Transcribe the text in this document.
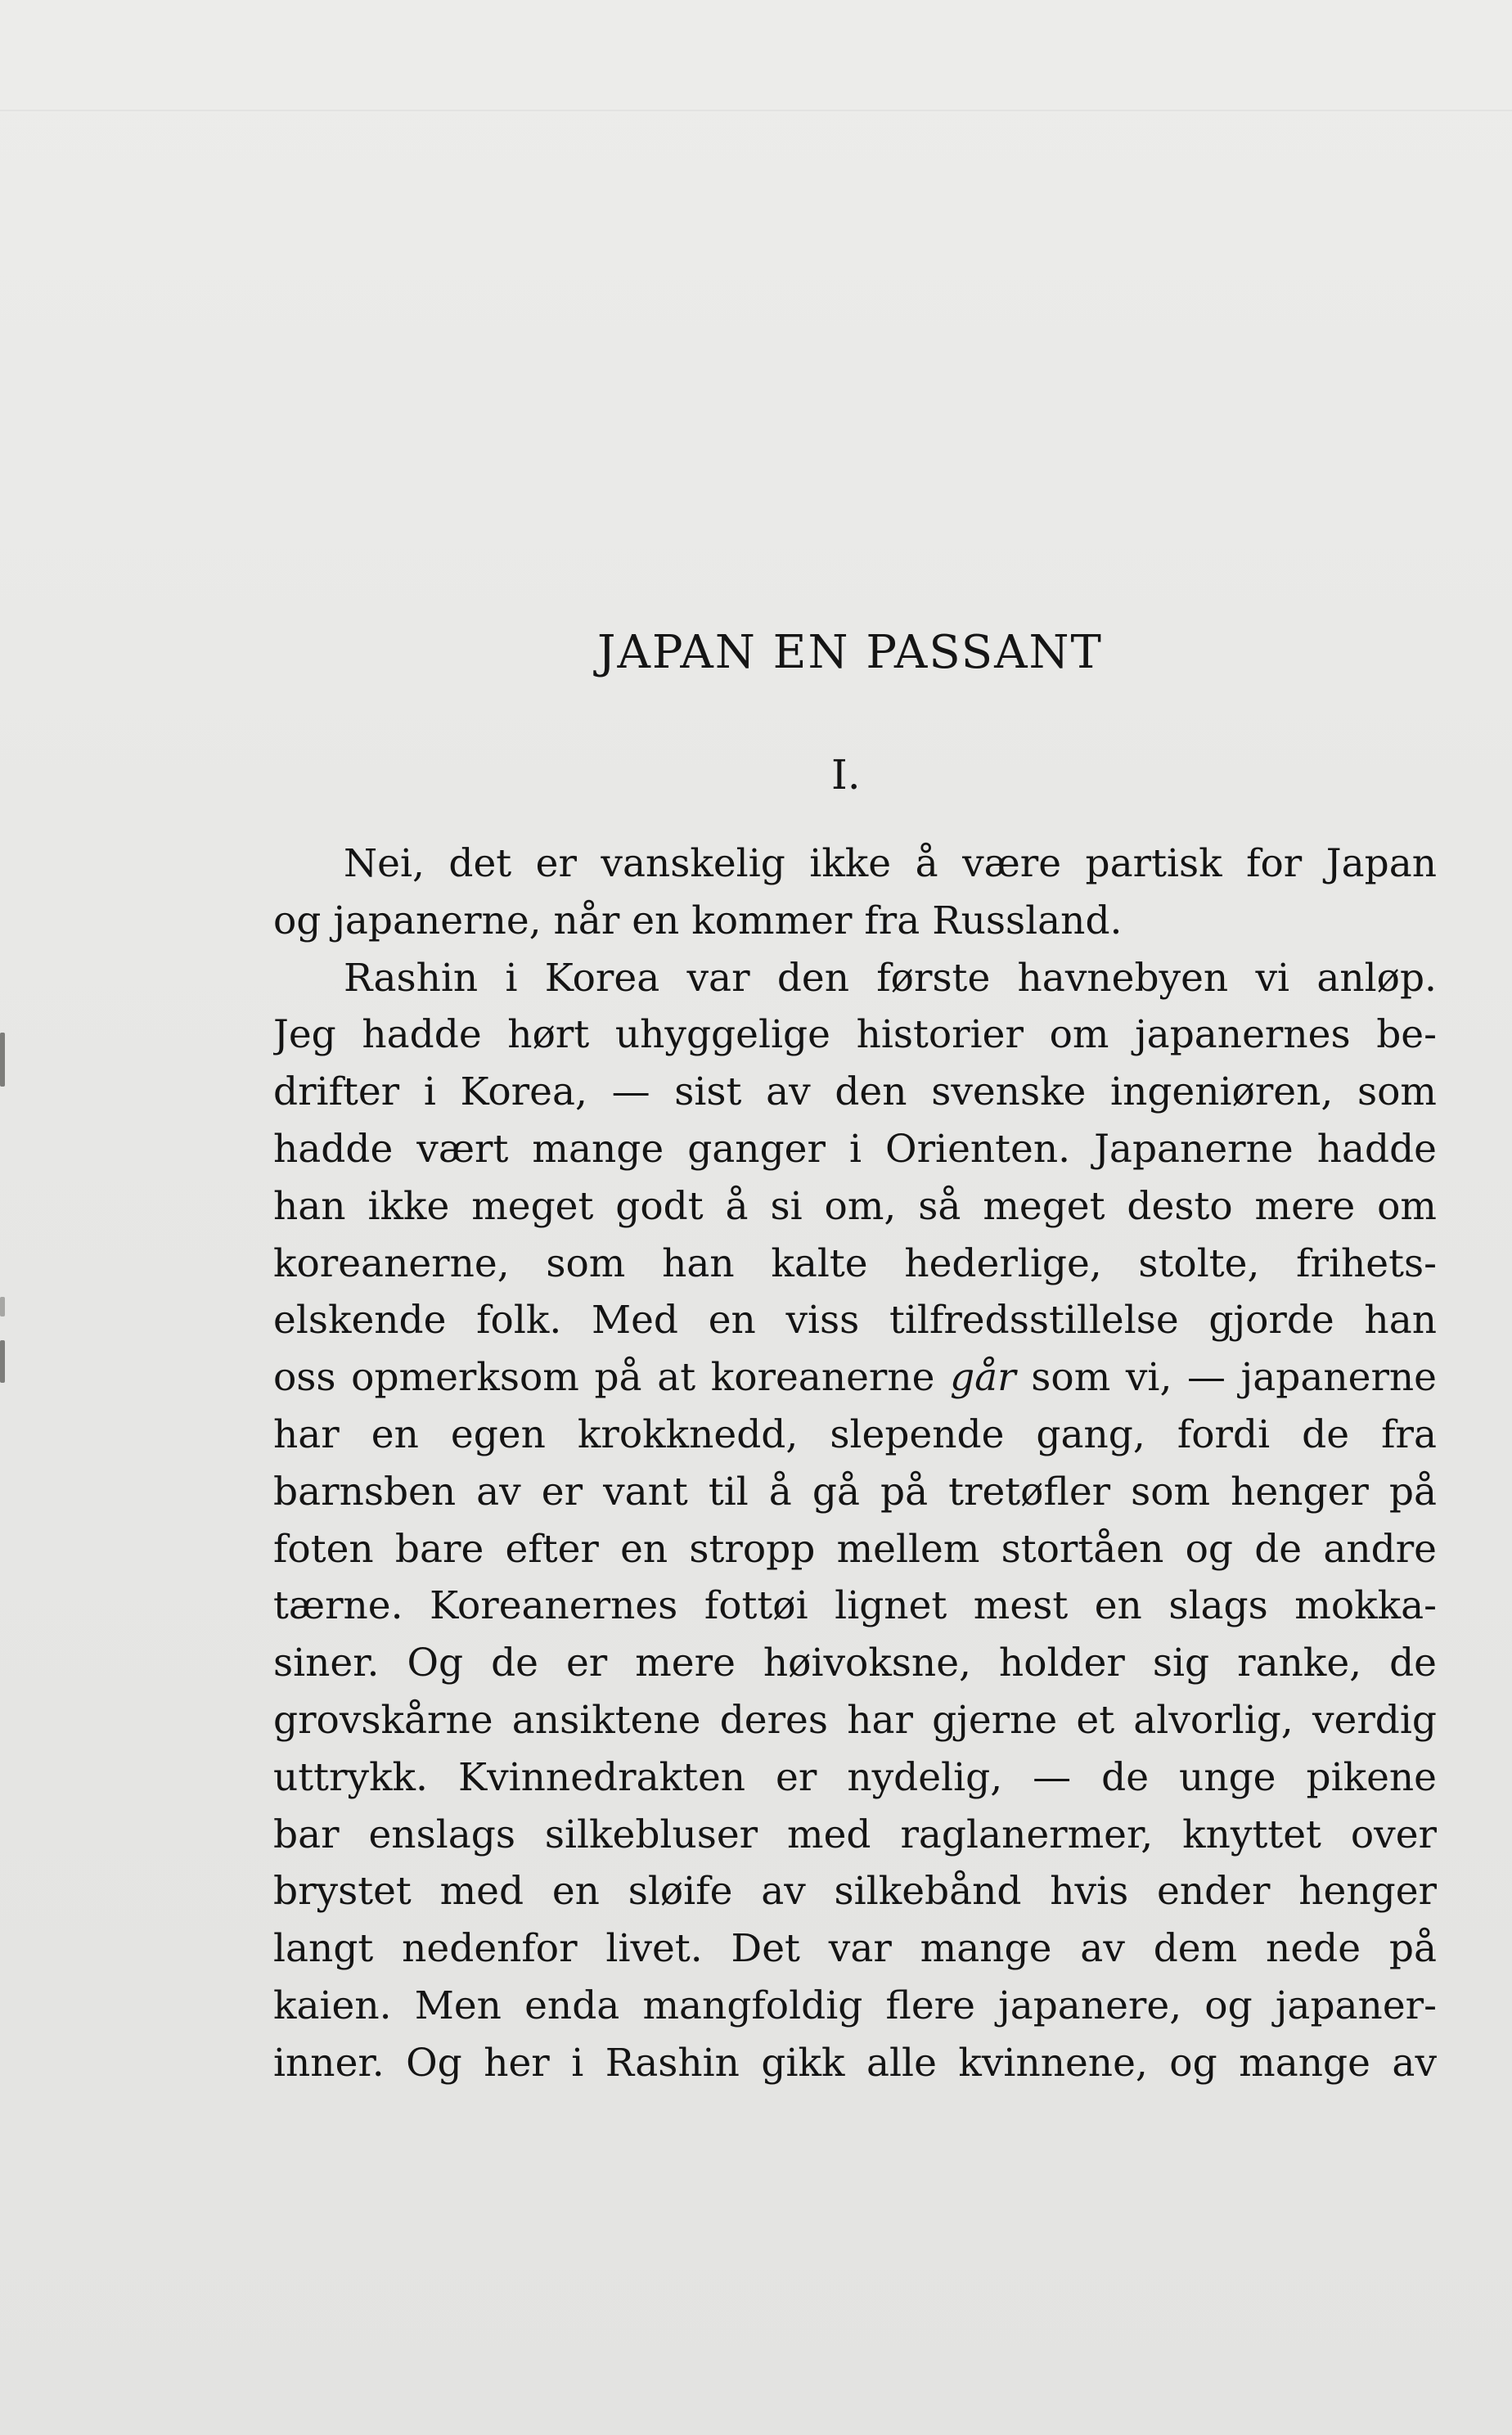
JAPAN EN PASSANT
I.
Nei, det er vanskelig ikke å være partisk for Japan
og japanerne, når en kommer fra Russland.
Rashin i Korea var den første havnebyen vi anløp.
Jeg hadde hørt uhyggelige historier om japanernes be-
drifter i Korea, — sist av den svenske ingeniøren, som
hadde vært mange ganger i Orienten. Japanerne hadde
han ikke meget godt å si om, så meget desto mere om
koreanerne, som han kalte hederlige, stolte, frihets-
elskende folk. Med en viss tilfredsstillelse gjorde han
oss opmerksom på at koreanerne går som vi, — japanerne
har en egen krokknedd, slepende gang, fordi de fra
barnsben av er vant til å gå på tretøfler som henger på
foten bare efter en stropp mellem stortåen og de andre
tærne. Koreanernes fottøi lignet mest en slags mokka-
siner. Og de er mere høivoksne, holder sig ranke, de
grovskårne ansiktene deres har gjerne et alvorlig, verdig
uttrykk. Kvinnedrakten er nydelig, — de unge pikene
bar enslags silkebluser med raglanermer, knyttet over
brystet med en sløife av silkebånd hvis ender henger
langt nedenfor livet. Det var mange av dem nede på
kaien. Men enda mangfoldig flere japanere, og japaner-
inner. Og her i Rashin gikk alle kvinnene, og mange av
